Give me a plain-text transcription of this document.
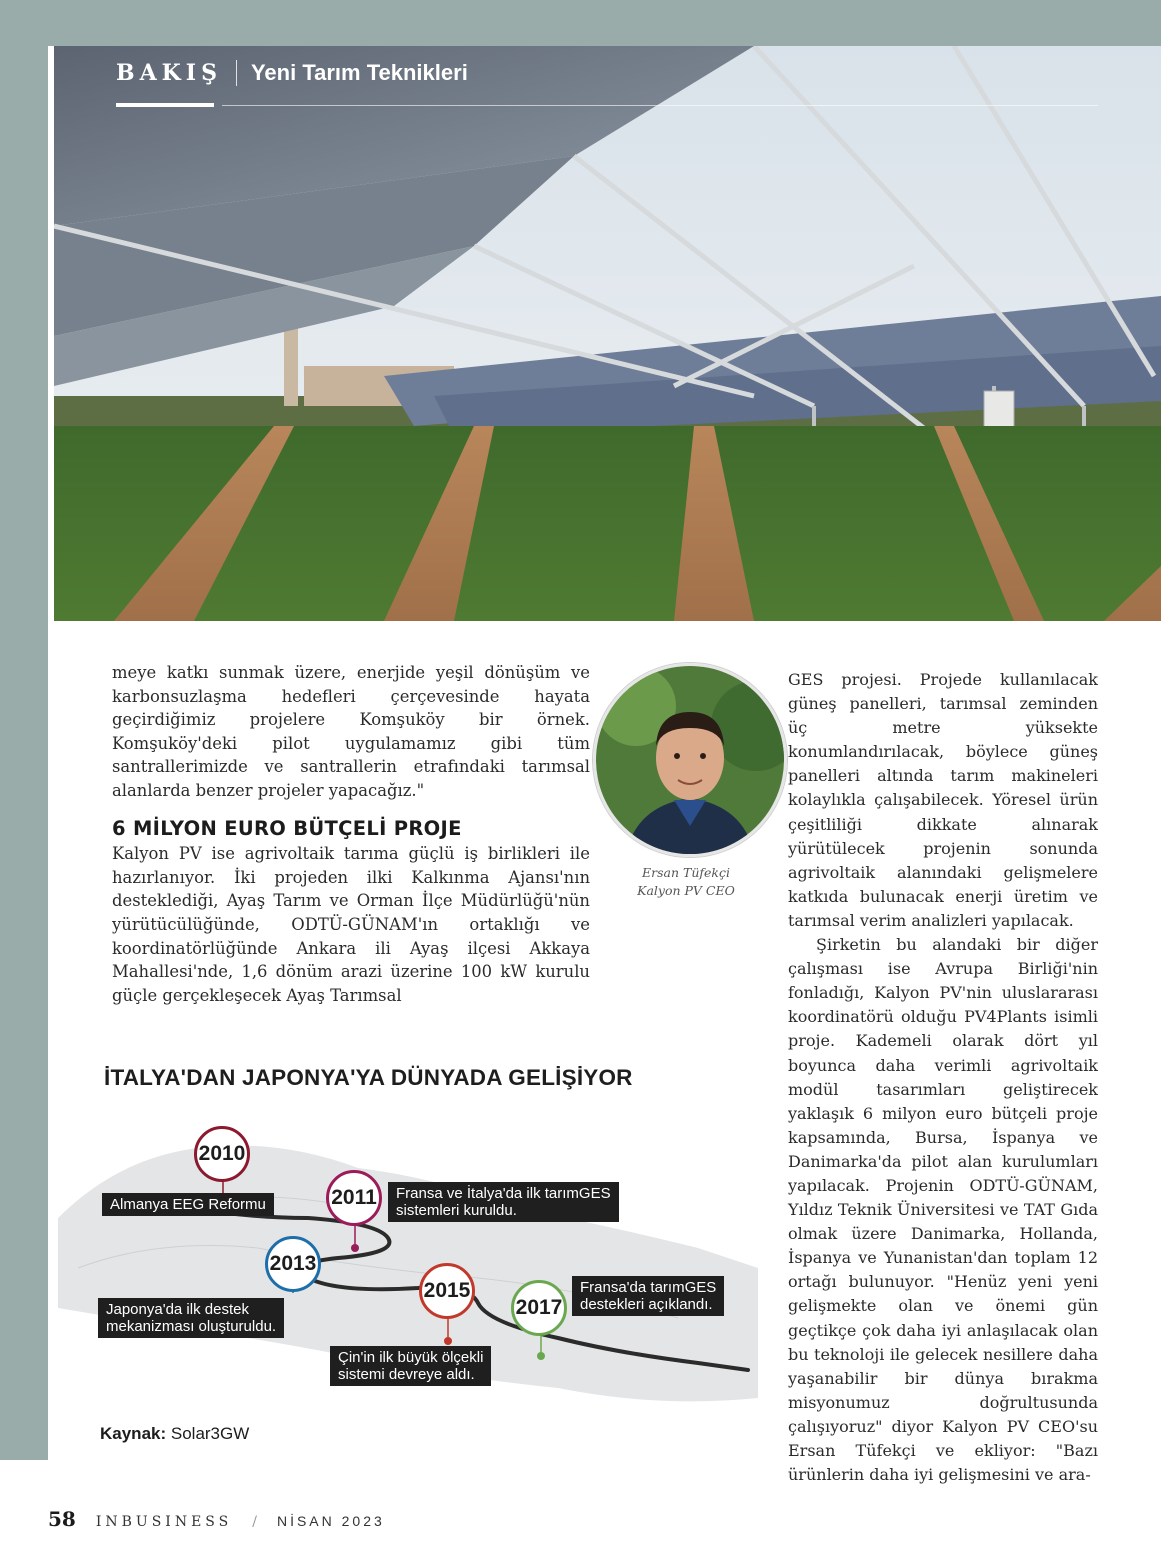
BAKIŞ Yeni Tarım Teknikleri

meye katkı sunmak üzere, enerjide yeşil dönüşüm ve karbonsuzlaşma hedefleri çerçevesinde hayata geçirdiğimiz projelere Komşuköy bir örnek. Komşuköy'deki pilot uygulamamız gibi tüm santrallerimizde ve santrallerin etrafındaki tarımsal alanlarda benzer projeler yapacağız."

6 MİLYON EURO BÜTÇELİ PROJE

Kalyon PV ise agrivoltaik tarıma güçlü iş birlikleri ile hazırlanıyor. İki projeden ilki Kalkınma Ajansı'nın desteklediği, Ayaş Tarım ve Orman İlçe Müdürlüğü'nün yürütücülüğünde, ODTÜ-GÜNAM'ın ortaklığı ve koordinatörlüğünde Ankara ili Ayaş ilçesi Akkaya Mahallesi'nde, 1,6 dönüm arazi üzerine 100 kW kurulu güçle gerçekleşecek Ayaş Tarımsal

Ersan Tüfekçi
Kalyon PV CEO

GES projesi. Projede kullanılacak güneş panelleri, tarımsal zeminden üç metre yüksekte konumlandırılacak, böylece güneş panelleri altında tarım makineleri kolaylıkla çalışabilecek. Yöresel ürün çeşitliliği dikkate alınarak yürütülecek projenin sonunda agrivoltaik alanındaki gelişmelere katkıda bulunacak enerji üretim ve tarımsal verim analizleri yapılacak.

Şirketin bu alandaki bir diğer çalışması ise Avrupa Birliği'nin fonladığı, Kalyon PV'nin uluslararası koordinatörü olduğu PV4Plants isimli proje. Kademeli olarak dört yıl boyunca daha verimli agrivoltaik modül tasarımları geliştirecek yaklaşık 6 milyon euro bütçeli proje kapsamında, Bursa, İspanya ve Danimarka'da pilot alan kurulumları yapılacak. Projenin ODTÜ-GÜNAM, Yıldız Teknik Üniversitesi ve TAT Gıda olmak üzere Danimarka, Hollanda, İspanya ve Yunanistan'dan toplam 12 ortağı bulunuyor. "Henüz yeni yeni gelişmekte olan ve önemi gün geçtikçe çok daha iyi anlaşılacak olan bu teknoloji ile gelecek nesillere daha yaşanabilir bir dünya bırakma misyonumuz doğrultusunda çalışıyoruz" diyor Kalyon PV CEO'su Ersan Tüfekçi ve ekliyor: "Bazı ürünlerin daha iyi gelişmesini ve ara-

İTALYA'DAN JAPONYA'YA DÜNYADA GELİŞİYOR
2010
Almanya EEG Reformu	2011	Fransa ve İtalya'da ilk tarımGES
sistemleri kuruldu.
2013
Japonya'da ilk destek
mekanizması oluşturuldu.
2015
Çin'in ilk büyük ölçekli
sistemi devreye aldı.
2017
Fransa'da tarımGES
destekleri açıklandı.
Kaynak: Solar3GW
58 INBUSINESS / NİSAN 2023
